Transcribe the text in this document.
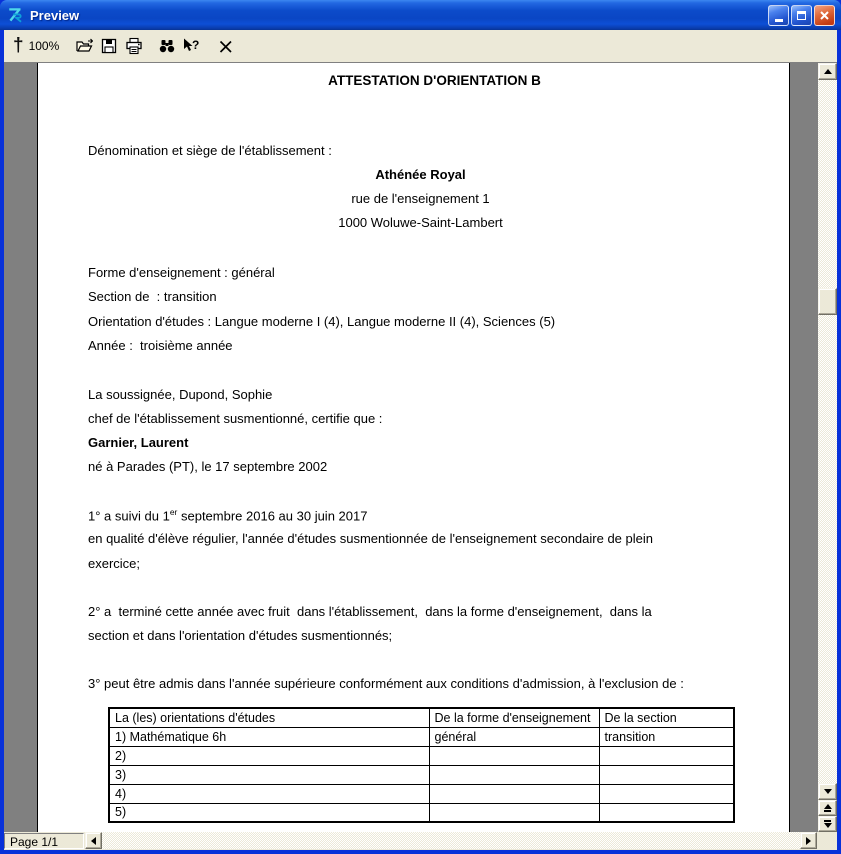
Preview
† 100%	?
ATTESTATION D'ORIENTATION B
Dénomination et siège de l'établissement :
Athénée Royal
rue de l'enseignement 1
1000 Woluwe-Saint-Lambert
Forme d'enseignement : général
Section de  : transition
Orientation d'études : Langue moderne I (4), Langue moderne II (4), Sciences (5)
Année :  troisième année
La soussignée, Dupond, Sophie
chef de l'établissement susmentionné, certifie que :
Garnier, Laurent
né à Parades (PT), le 17 septembre 2002
1° a suivi du 1er septembre 2016 au 30 juin 2017
en qualité d'élève régulier, l'année d'études susmentionnée de l'enseignement secondaire de plein
exercice;
2° a  terminé cette année avec fruit  dans l'établissement,  dans la forme d'enseignement,  dans la
section et dans l'orientation d'études susmentionnés;
3° peut être admis dans l'année supérieure conformément aux conditions d'admission, à l'exclusion de :
La (les) orientations d'études	De la forme d'enseignement	De la section
1) Mathématique 6h	général	transition
2)		
3)		
4)		
5)		
Page 1/1
